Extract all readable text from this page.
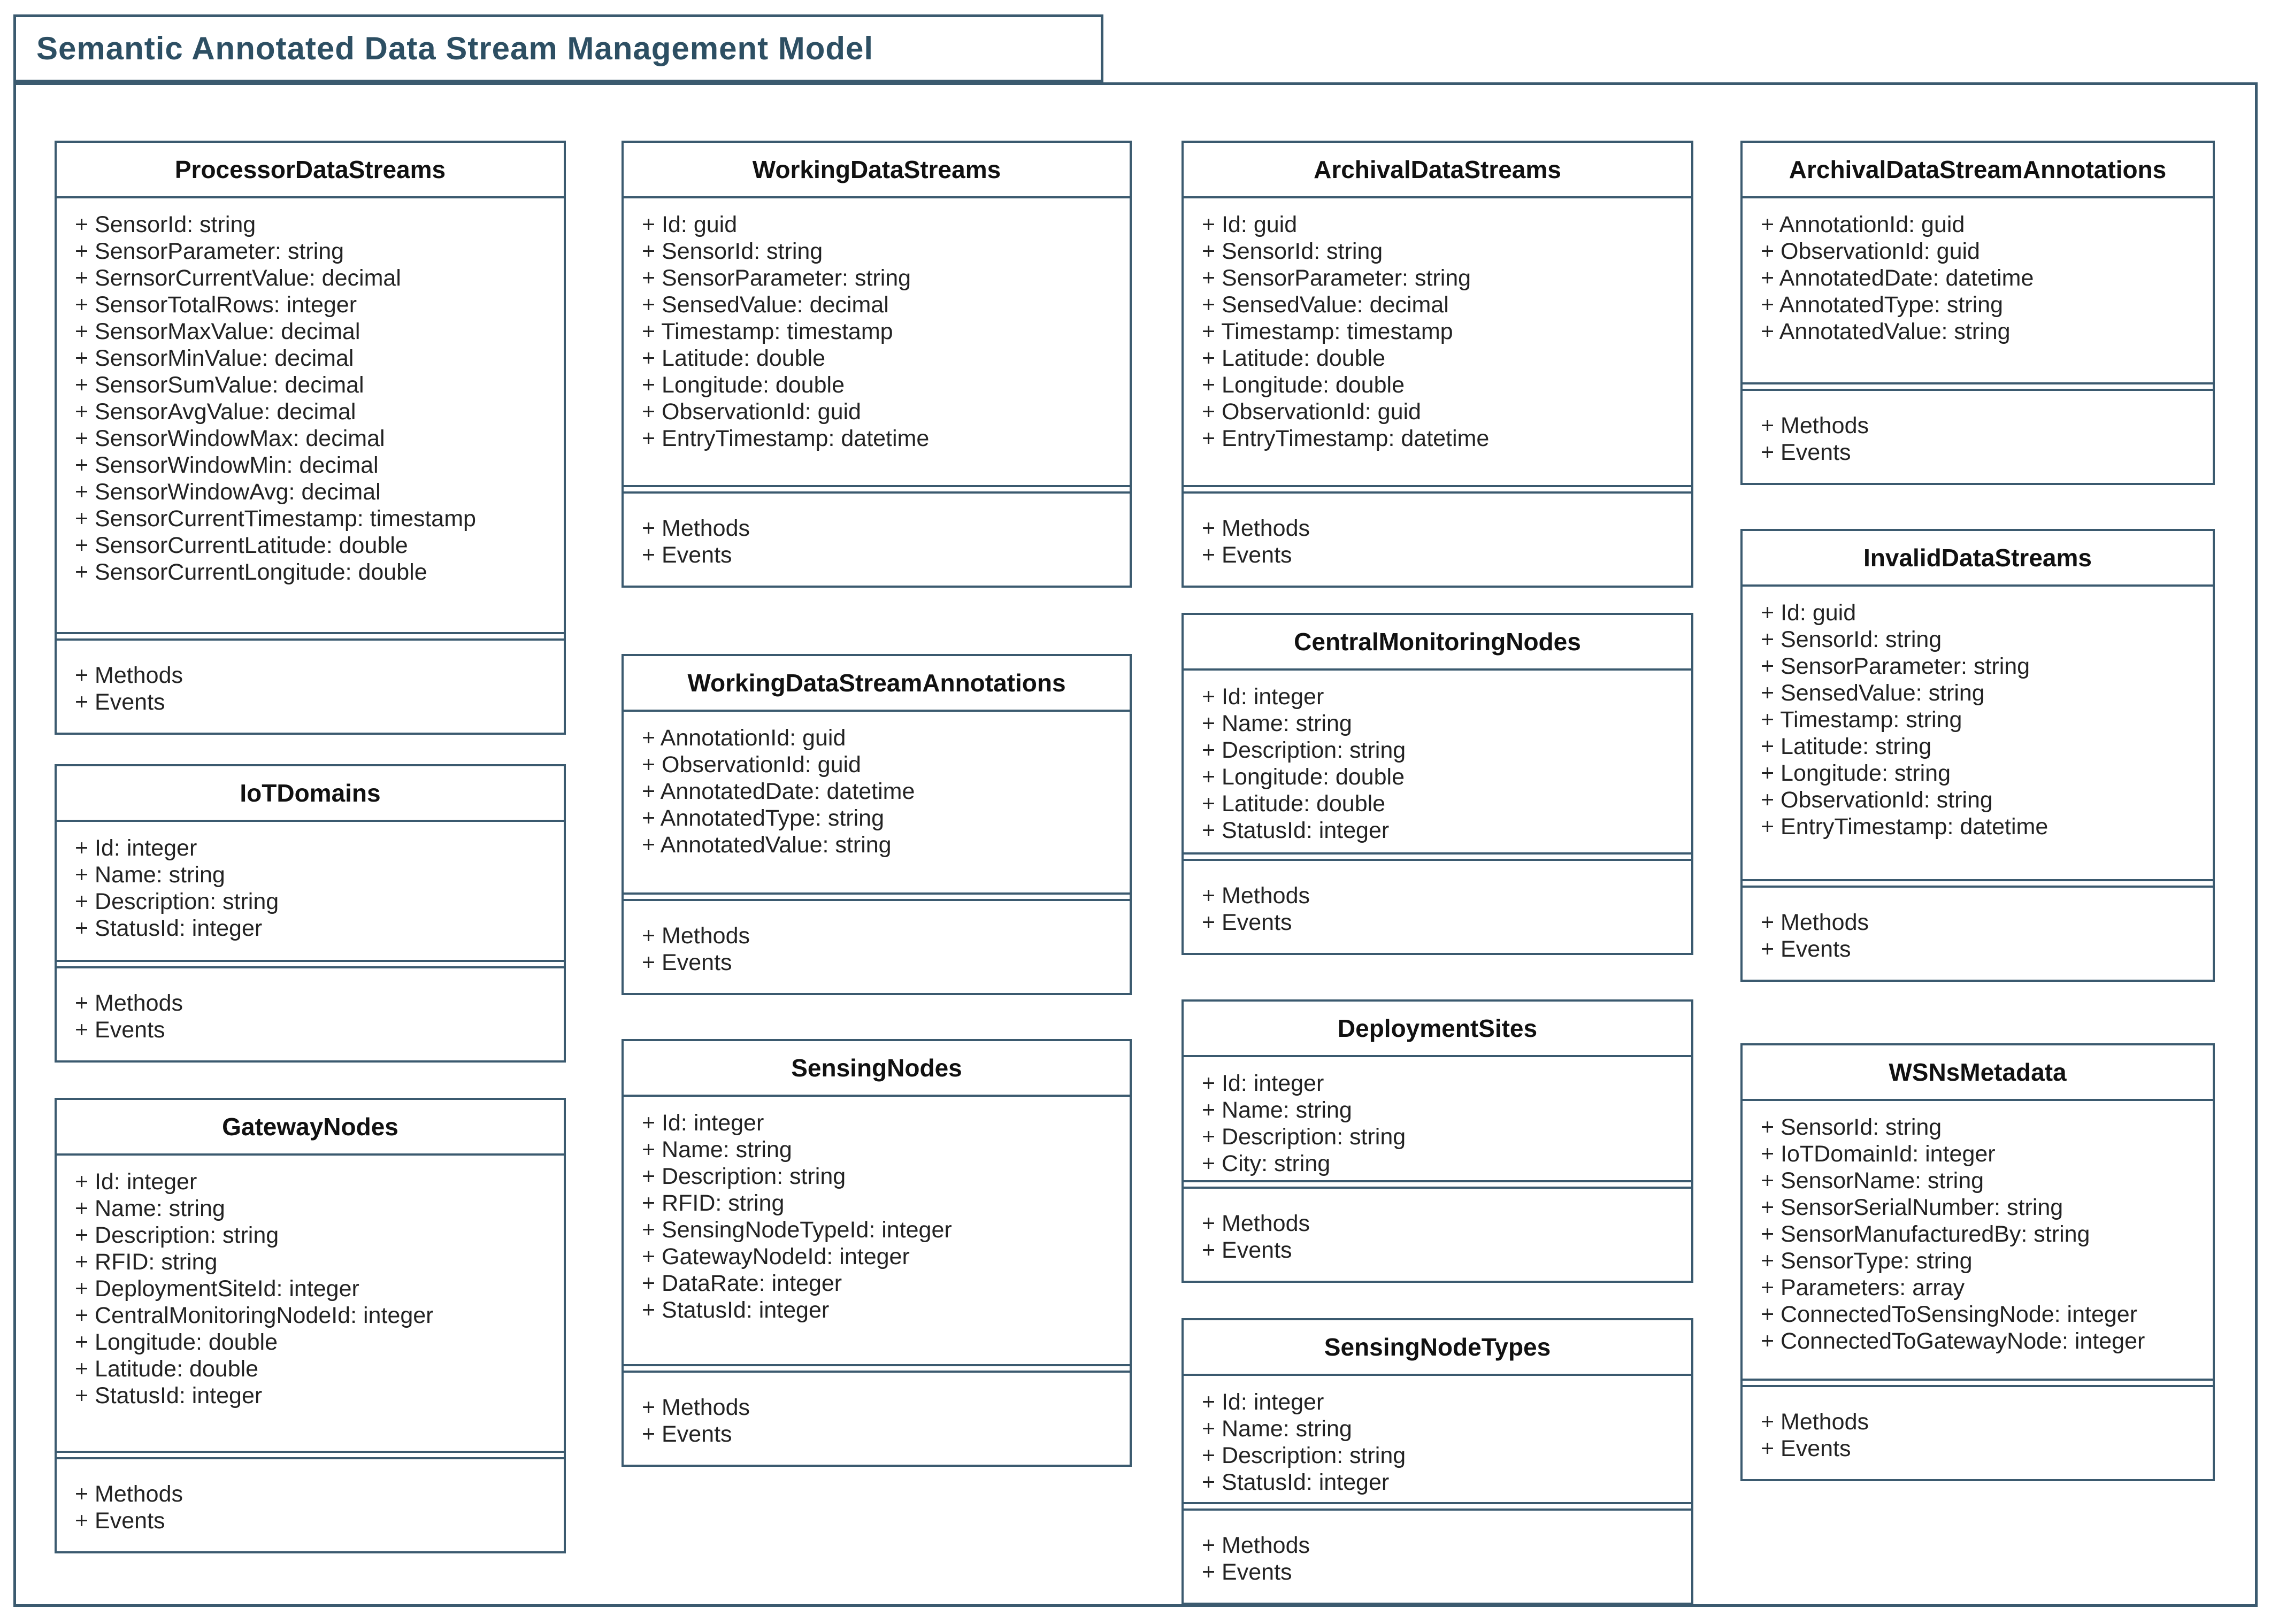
Semantic Annotated Data Stream Management Model
ProcessorDataStreams
+ SensorId: string
+ SensorParameter: string
+ SernsorCurrentValue: decimal
+ SensorTotalRows: integer
+ SensorMaxValue: decimal
+ SensorMinValue: decimal
+ SensorSumValue: decimal
+ SensorAvgValue: decimal
+ SensorWindowMax: decimal
+ SensorWindowMin: decimal
+ SensorWindowAvg: decimal
+ SensorCurrentTimestamp: timestamp
+ SensorCurrentLatitude: double
+ SensorCurrentLongitude: double
+ Methods
+ Events
IoTDomains
+ Id: integer
+ Name: string
+ Description: string
+ StatusId: integer
+ Methods
+ Events
GatewayNodes
+ Id: integer
+ Name: string
+ Description: string
+ RFID: string
+ DeploymentSiteId: integer
+ CentralMonitoringNodeId: integer
+ Longitude: double
+ Latitude: double
+ StatusId: integer
+ Methods
+ Events
WorkingDataStreams
+ Id: guid
+ SensorId: string
+ SensorParameter: string
+ SensedValue: decimal
+ Timestamp: timestamp
+ Latitude: double
+ Longitude: double
+ ObservationId: guid
+ EntryTimestamp: datetime
+ Methods
+ Events
WorkingDataStreamAnnotations
+ AnnotationId: guid
+ ObservationId: guid
+ AnnotatedDate: datetime
+ AnnotatedType: string
+ AnnotatedValue: string
+ Methods
+ Events
SensingNodes
+ Id: integer
+ Name: string
+ Description: string
+ RFID: string
+ SensingNodeTypeId: integer
+ GatewayNodeId: integer
+ DataRate: integer
+ StatusId: integer
+ Methods
+ Events
ArchivalDataStreams
+ Id: guid
+ SensorId: string
+ SensorParameter: string
+ SensedValue: decimal
+ Timestamp: timestamp
+ Latitude: double
+ Longitude: double
+ ObservationId: guid
+ EntryTimestamp: datetime
+ Methods
+ Events
CentralMonitoringNodes
+ Id: integer
+ Name: string
+ Description: string
+ Longitude: double
+ Latitude: double
+ StatusId: integer
+ Methods
+ Events
DeploymentSites
+ Id: integer
+ Name: string
+ Description: string
+ City: string
+ Methods
+ Events
SensingNodeTypes
+ Id: integer
+ Name: string
+ Description: string
+ StatusId: integer
+ Methods
+ Events
ArchivalDataStreamAnnotations
+ AnnotationId: guid
+ ObservationId: guid
+ AnnotatedDate: datetime
+ AnnotatedType: string
+ AnnotatedValue: string
+ Methods
+ Events
InvalidDataStreams
+ Id: guid
+ SensorId: string
+ SensorParameter: string
+ SensedValue: string
+ Timestamp: string
+ Latitude: string
+ Longitude: string
+ ObservationId: string
+ EntryTimestamp: datetime
+ Methods
+ Events
WSNsMetadata
+ SensorId: string
+ IoTDomainId: integer
+ SensorName: string
+ SensorSerialNumber: string
+ SensorManufacturedBy: string
+ SensorType: string
+ Parameters: array
+ ConnectedToSensingNode: integer
+ ConnectedToGatewayNode: integer
+ Methods
+ Events
